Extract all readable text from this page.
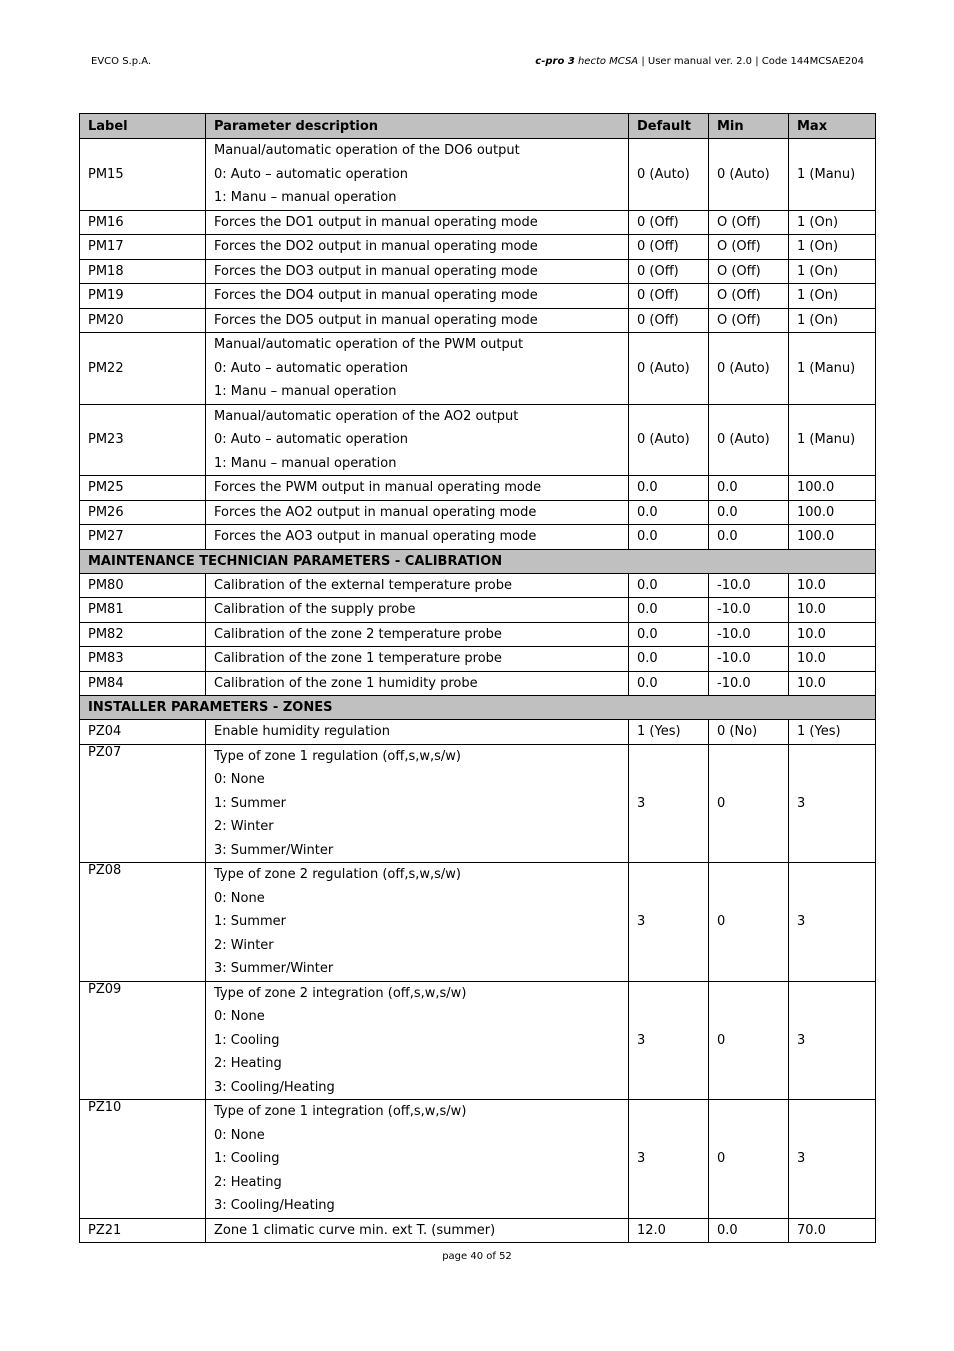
EVCO S.p.A.	c-pro 3 hecto MCSA | User manual ver. 2.0 | Code 144MCSAE204
Label	Parameter description	Default	Min	Max
PM15	Manual/automatic operation of the DO6 output
0: Auto – automatic operation
1: Manu – manual operation	0 (Auto)	0 (Auto)	1 (Manu)
PM16	Forces the DO1 output in manual operating mode	0 (Off)	O (Off)	1 (On)
PM17	Forces the DO2 output in manual operating mode	0 (Off)	O (Off)	1 (On)
PM18	Forces the DO3 output in manual operating mode	0 (Off)	O (Off)	1 (On)
PM19	Forces the DO4 output in manual operating mode	0 (Off)	O (Off)	1 (On)
PM20	Forces the DO5 output in manual operating mode	0 (Off)	O (Off)	1 (On)
PM22	Manual/automatic operation of the PWM output
0: Auto – automatic operation
1: Manu – manual operation	0 (Auto)	0 (Auto)	1 (Manu)
PM23	Manual/automatic operation of the AO2 output
0: Auto – automatic operation
1: Manu – manual operation	0 (Auto)	0 (Auto)	1 (Manu)
PM25	Forces the PWM output in manual operating mode	0.0	0.0	100.0
PM26	Forces the AO2 output in manual operating mode	0.0	0.0	100.0
PM27	Forces the AO3 output in manual operating mode	0.0	0.0	100.0
MAINTENANCE TECHNICIAN PARAMETERS - CALIBRATION				
PM80	Calibration of the external temperature probe	0.0	-10.0	10.0
PM81	Calibration of the supply probe	0.0	-10.0	10.0
PM82	Calibration of the zone 2 temperature probe	0.0	-10.0	10.0
PM83	Calibration of the zone 1 temperature probe	0.0	-10.0	10.0
PM84	Calibration of the zone 1 humidity probe	0.0	-10.0	10.0
INSTALLER PARAMETERS - ZONES				
PZ04	Enable humidity regulation	1 (Yes)	0 (No)	1 (Yes)
PZ07	Type of zone 1 regulation (off,s,w,s/w)
0: None
1: Summer
2: Winter
3: Summer/Winter	3	0	3
PZ08	Type of zone 2 regulation (off,s,w,s/w)
0: None
1: Summer
2: Winter
3: Summer/Winter	3	0	3
PZ09	Type of zone 2 integration (off,s,w,s/w)
0: None
1: Cooling
2: Heating
3: Cooling/Heating	3	0	3
PZ10	Type of zone 1 integration (off,s,w,s/w)
0: None
1: Cooling
2: Heating
3: Cooling/Heating	3	0	3
PZ21	Zone 1 climatic curve min. ext T. (summer)	12.0	0.0	70.0
page 40 of 52
